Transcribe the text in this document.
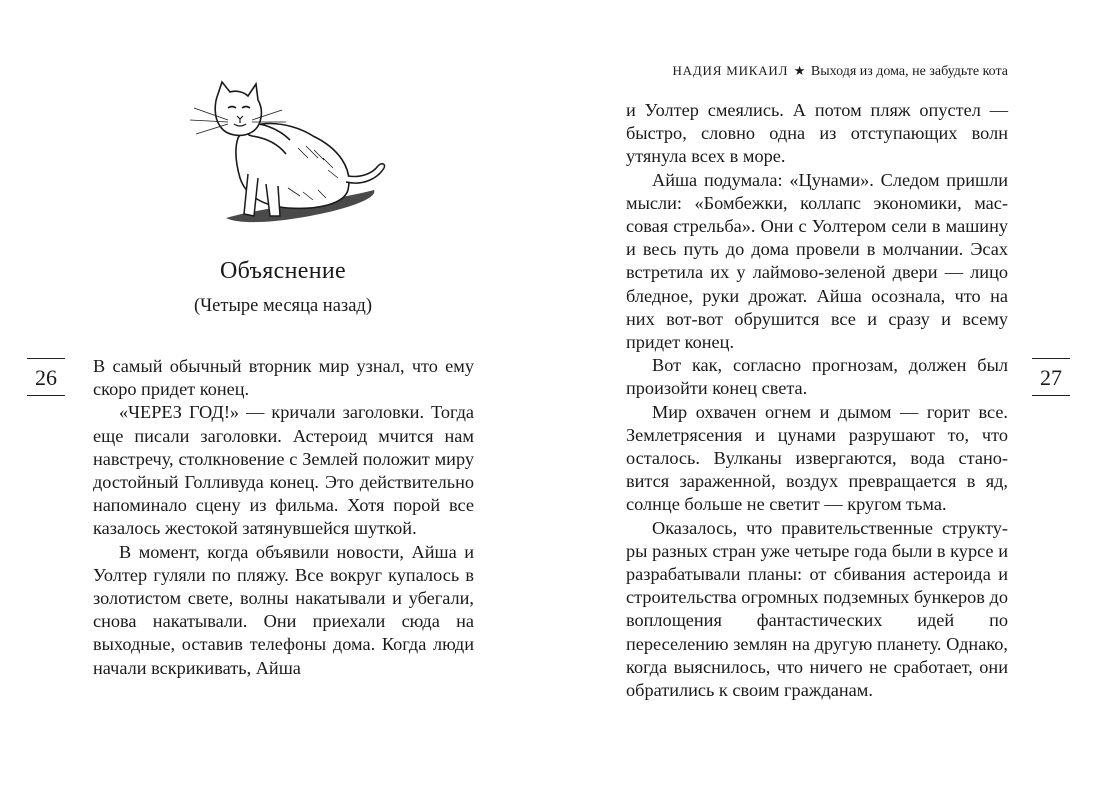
Объяснение
(Четыре месяца назад)
26	В самый обычный вторник мир узнал, что ему скоро придет конец.

«ЧЕРЕЗ ГОД!» — кричали заголовки. Тогда еще писали заголовки. Астероид мчится нам навстречу, столкновение с Землей положит миру достойный Голливуда конец. Это действительно напоминало сцену из фильма. Хотя порой все казалось жестокой затянувшейся шуткой.

В момент, когда объявили новости, Айша и Уолтер гуляли по пляжу. Все вокруг купалось в золотистом свете, волны накатывали и убегали, снова накатывали. Они приехали сюда на выходные, оставив телефоны дома. Когда люди начали вскрикивать, Айша

НАДИЯ МИКАИЛ ★ Выходя из дома, не забудьте кота

и Уолтер смеялись. А потом пляж опустел — быстро, словно одна из отступающих волн утянула всех в море.

Айша подумала: «Цунами». Следом пришли мысли: «Бомбежки, коллапс экономики, массовая стрельба». Они с Уолтером сели в машину и весь путь до дома провели в молчании. Эсах встретила их у лаймово-зеленой двери — лицо бледное, руки дрожат. Айша осознала, что на них вот-вот обрушится все и сразу и всему придет конец.

Вот как, согласно прогнозам, должен был произойти конец света.

Мир охвачен огнем и дымом — горит все. Землетрясения и цунами разрушают то, что осталось. Вулканы извергаются, вода становится зараженной, воздух превращается в яд, солнце больше не светит — кругом тьма.

Оказалось, что правительственные структуры разных стран уже четыре года были в курсе и разрабатывали планы: от сбивания астероида и строительства огромных подземных бункеров до воплощения фантастических идей по переселению землян на другую планету. Однако, когда выяснилось, что ничего не сработает, они обратились к своим гражданам.

27
